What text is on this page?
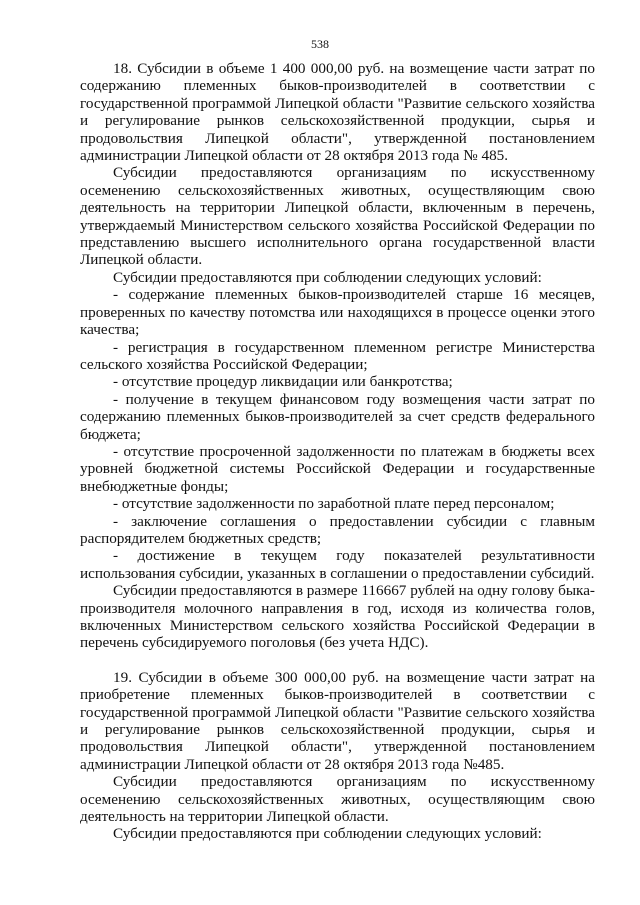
538

18. Субсидии в объеме 1 400 000,00 руб. на возмещение части затрат по содержанию племенных быков-производителей в соответствии с государственной программой Липецкой области "Развитие сельского хозяйства и регулирование рынков сельскохозяйственной продукции, сырья и продовольствия Липецкой области", утвержденной постановлением администрации Липецкой области от 28 октября 2013 года № 485.

Субсидии предоставляются организациям по искусственному осеменению сельскохозяйственных животных, осуществляющим свою деятельность на территории Липецкой области, включенным в перечень, утверждаемый Министерством сельского хозяйства Российской Федерации по представлению высшего исполнительного органа государственной власти Липецкой области.

Субсидии предоставляются при соблюдении следующих условий:

- содержание племенных быков-производителей старше 16 месяцев, проверенных по качеству потомства или находящихся в процессе оценки этого качества;

- регистрация в государственном племенном регистре Министерства сельского хозяйства Российской Федерации;

- отсутствие процедур ликвидации или банкротства;

- получение в текущем финансовом году возмещения части затрат по содержанию племенных быков-производителей за счет средств федерального бюджета;

- отсутствие просроченной задолженности по платежам в бюджеты всех уровней бюджетной системы Российской Федерации и государственные внебюджетные фонды;

- отсутствие задолженности по заработной плате перед персоналом;

- заключение соглашения о предоставлении субсидии с главным распорядителем бюджетных средств;

- достижение в текущем году показателей результативности использования субсидии, указанных в соглашении о предоставлении субсидий.

Субсидии предоставляются в размере 116667 рублей на одну голову быка-производителя молочного направления в год, исходя из количества голов, включенных Министерством сельского хозяйства Российской Федерации в перечень субсидируемого поголовья (без учета НДС).

19. Субсидии в объеме 300 000,00 руб. на возмещение части затрат на приобретение племенных быков-производителей в соответствии с государственной программой Липецкой области "Развитие сельского хозяйства и регулирование рынков сельскохозяйственной продукции, сырья и продовольствия Липецкой области", утвержденной постановлением администрации Липецкой области от 28 октября 2013 года №485.

Субсидии предоставляются организациям по искусственному осеменению сельскохозяйственных животных, осуществляющим свою деятельность на территории Липецкой области.

Субсидии предоставляются при соблюдении следующих условий:
